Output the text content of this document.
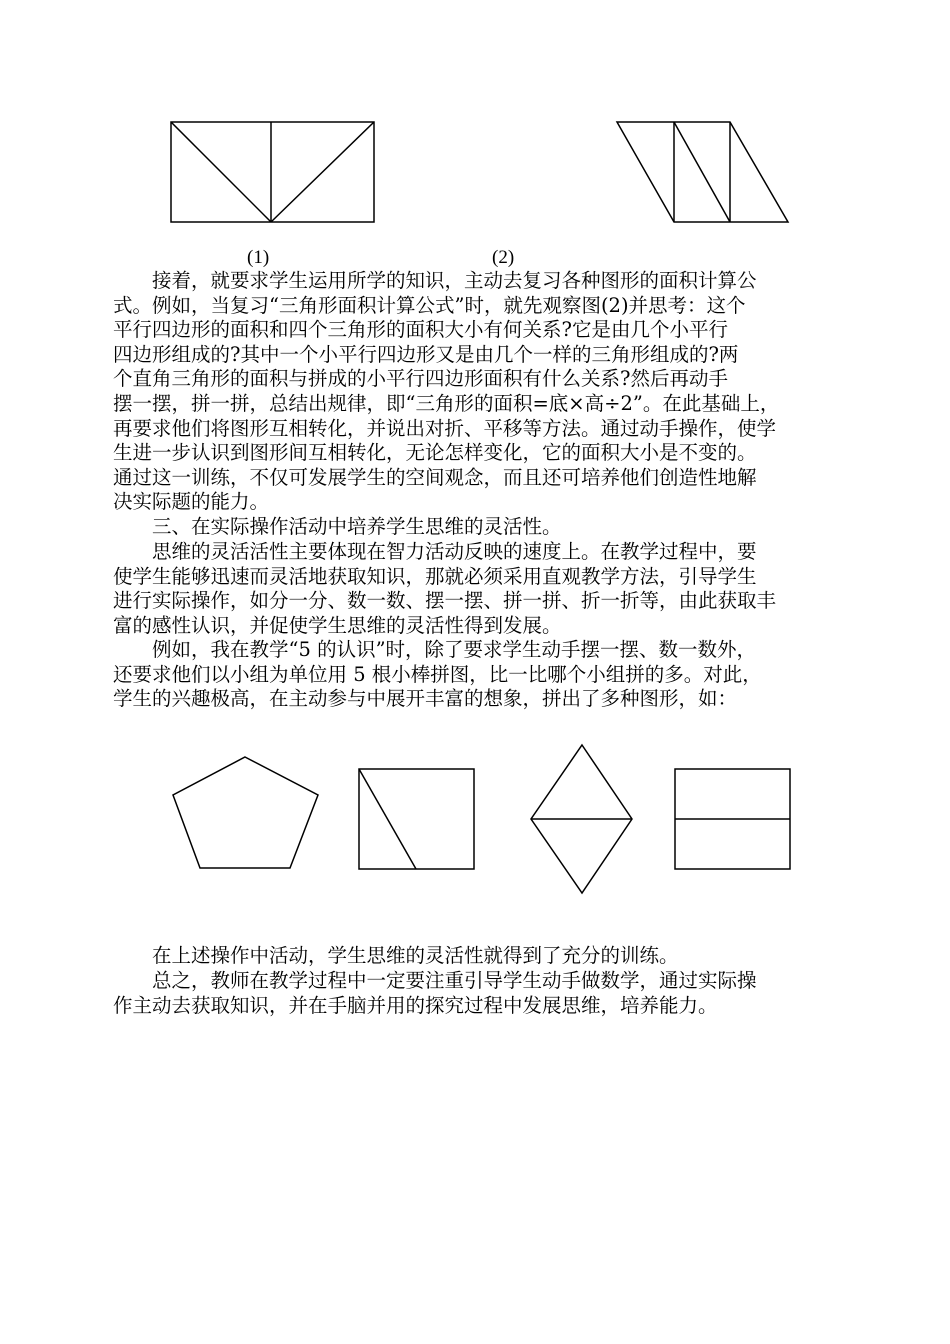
(1)	(2)
接着，就要求学生运用所学的知识，主动去复习各种图形的面积计算公
式。例如，当复习“三角形面积计算公式”时，就先观察图(2)并思考：这个
平行四边形的面积和四个三角形的面积大小有何关系?它是由几个小平行
四边形组成的?其中一个小平行四边形又是由几个一样的三角形组成的?两
个直角三角形的面积与拼成的小平行四边形面积有什么关系?然后再动手
摆一摆，拼一拼，总结出规律，即“三角形的面积=底×高÷2”。在此基础上，
再要求他们将图形互相转化，并说出对折、平移等方法。通过动手操作，使学
生进一步认识到图形间互相转化，无论怎样变化，它的面积大小是不变的。
通过这一训练，不仅可发展学生的空间观念，而且还可培养他们创造性地解
决实际题的能力。
三、在实际操作活动中培养学生思维的灵活性。
思维的灵活活性主要体现在智力活动反映的速度上。在教学过程中，要
使学生能够迅速而灵活地获取知识，那就必须采用直观教学方法，引导学生
进行实际操作，如分一分、数一数、摆一摆、拼一拼、折一折等，由此获取丰
富的感性认识，并促使学生思维的灵活性得到发展。
例如，我在教学“5 的认识”时，除了要求学生动手摆一摆、数一数外，
还要求他们以小组为单位用 5 根小棒拼图，比一比哪个小组拼的多。对此，
学生的兴趣极高，在主动参与中展开丰富的想象，拼出了多种图形，如：
在上述操作中活动，学生思维的灵活性就得到了充分的训练。
总之，教师在教学过程中一定要注重引导学生动手做数学，通过实际操
作主动去获取知识，并在手脑并用的探究过程中发展思维，培养能力。
